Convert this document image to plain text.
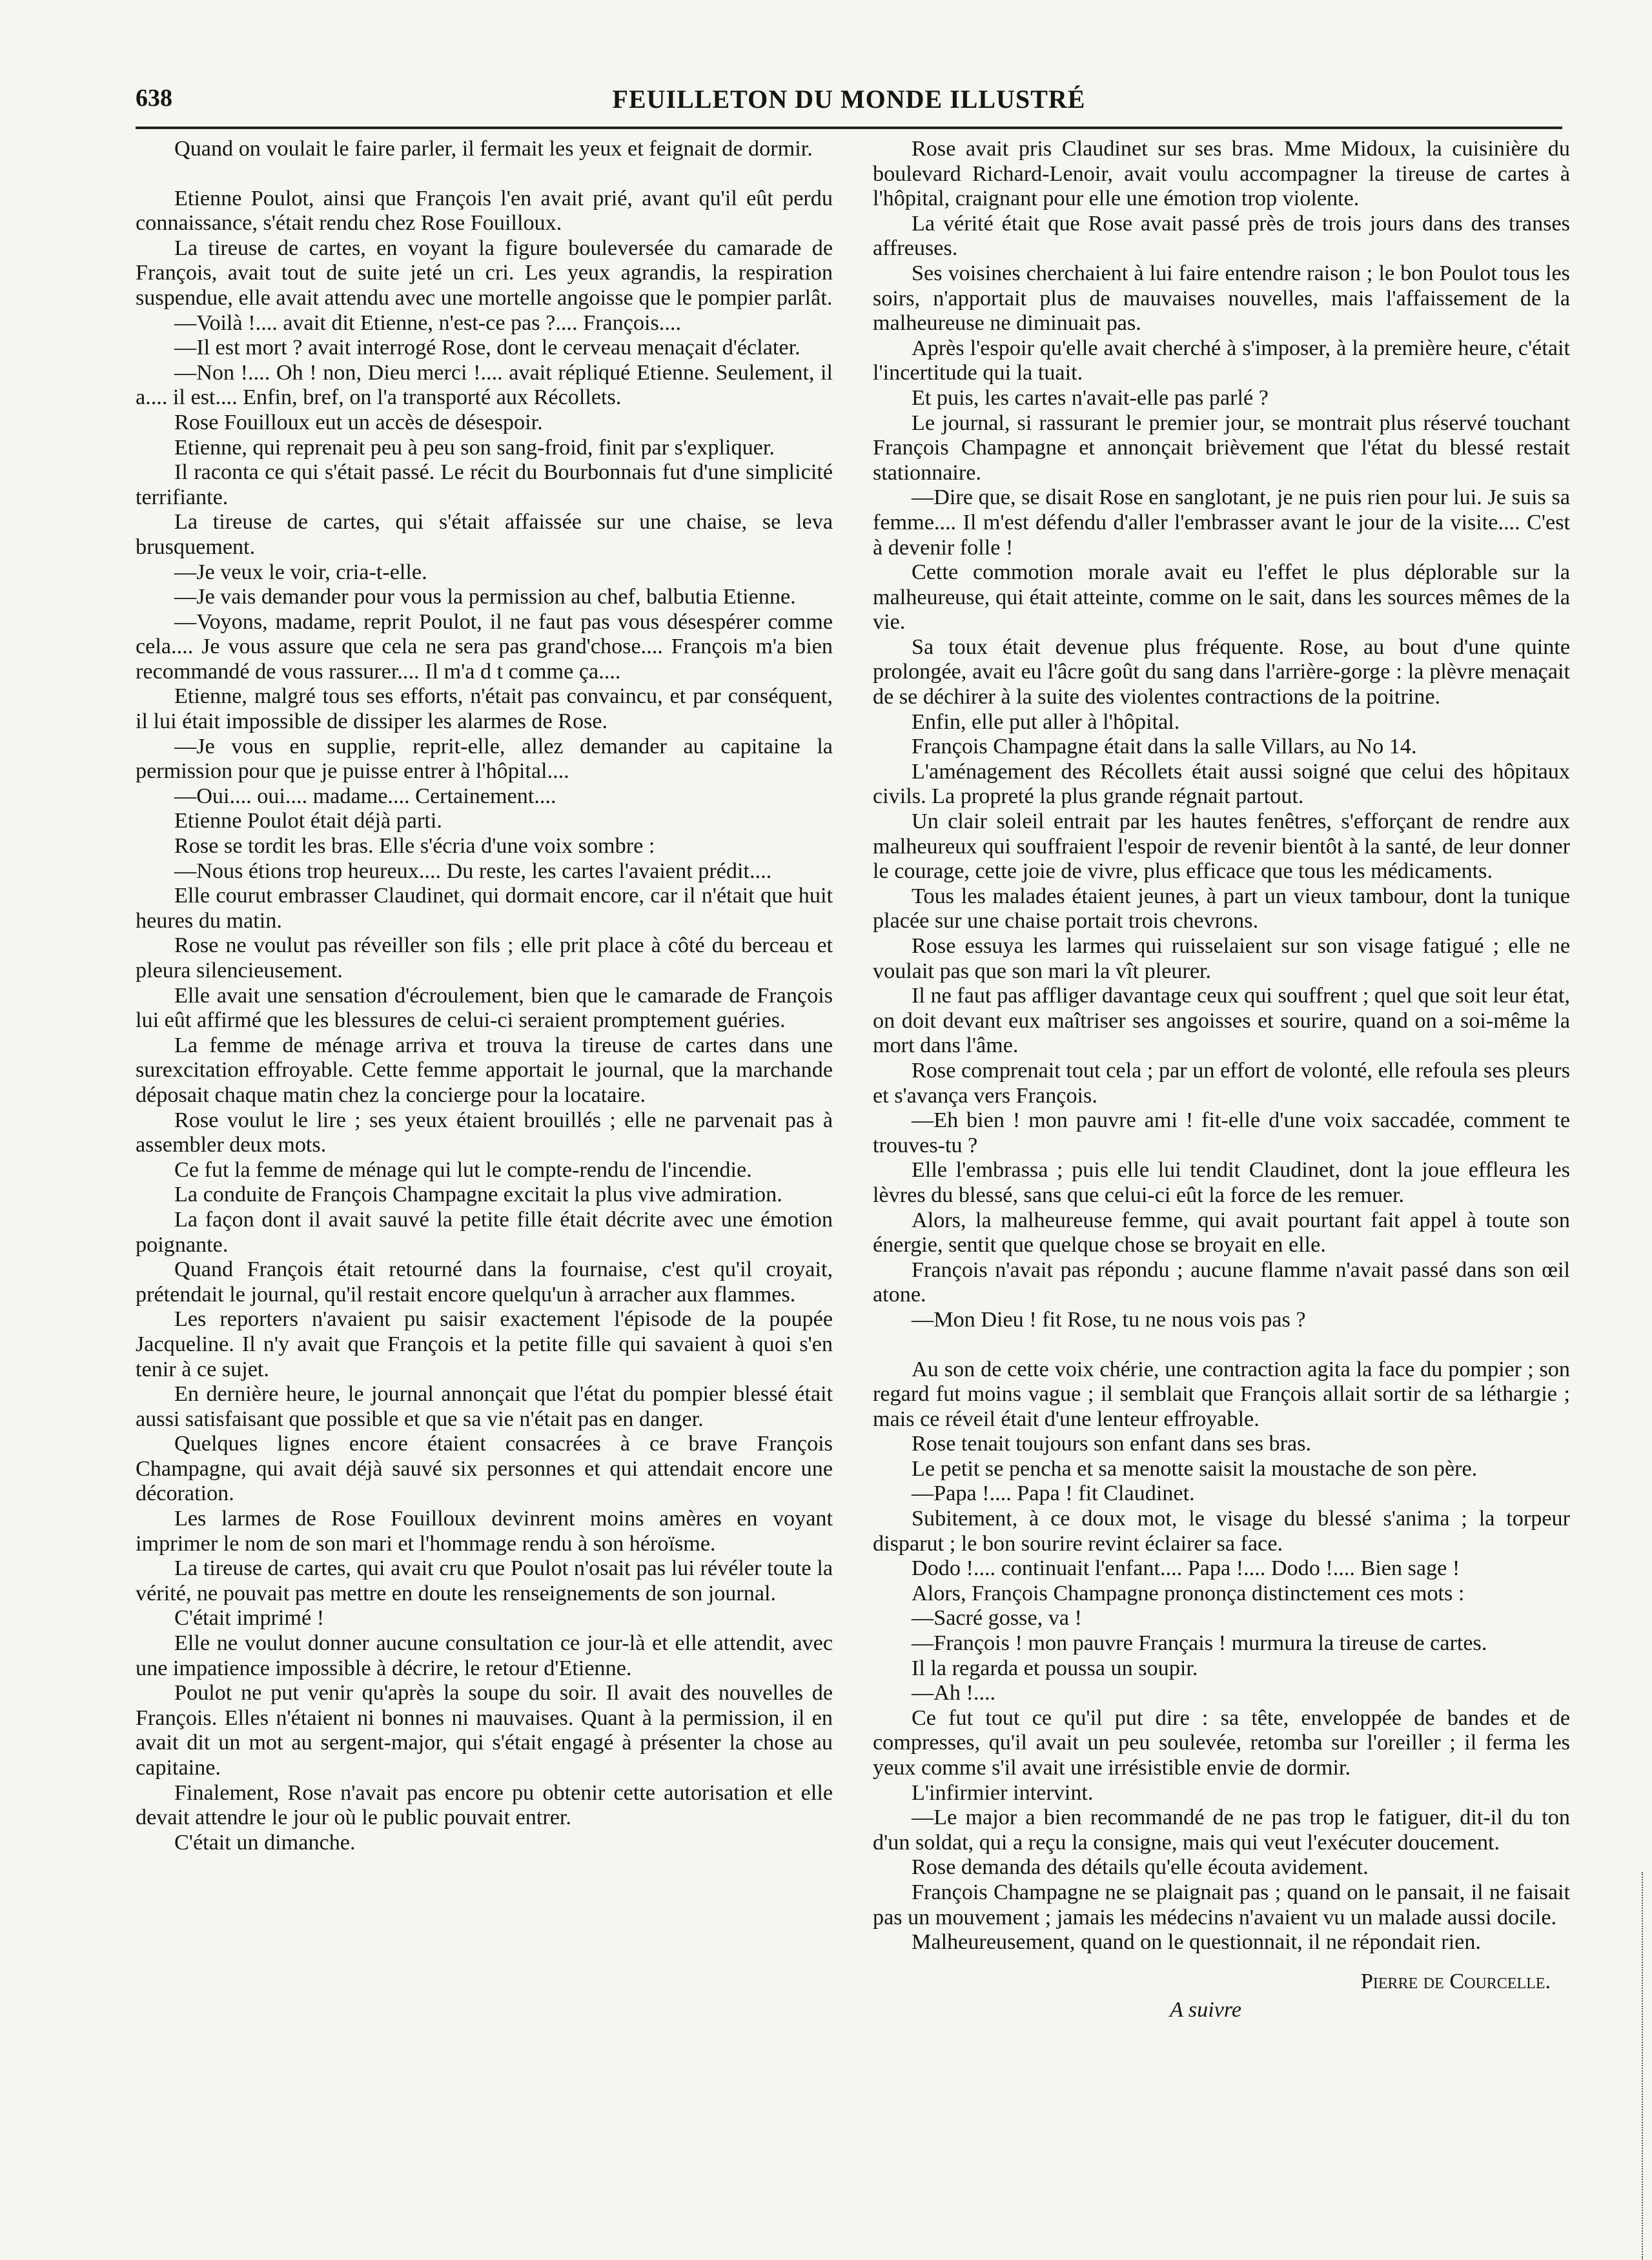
638	FEUILLETON DU MONDE ILLUSTRÉ

Quand on voulait le faire parler, il fermait les yeux et feignait de dormir.

Etienne Poulot, ainsi que François l'en avait prié, avant qu'il eût perdu connaissance, s'était rendu chez Rose Fouilloux.

La tireuse de cartes, en voyant la figure bouleversée du camarade de François, avait tout de suite jeté un cri. Les yeux agrandis, la respiration suspendue, elle avait attendu avec une mortelle angoisse que le pompier parlât.

—Voilà !.... avait dit Etienne, n'est-ce pas ?.... François....

—Il est mort ? avait interrogé Rose, dont le cerveau menaçait d'éclater.

—Non !.... Oh ! non, Dieu merci !.... avait répliqué Etienne. Seulement, il a.... il est.... Enfin, bref, on l'a transporté aux Récollets.

Rose Fouilloux eut un accès de désespoir.

Etienne, qui reprenait peu à peu son sang-froid, finit par s'expliquer.

Il raconta ce qui s'était passé. Le récit du Bourbonnais fut d'une simplicité terrifiante.

La tireuse de cartes, qui s'était affaissée sur une chaise, se leva brusquement.

—Je veux le voir, cria-t-elle.

—Je vais demander pour vous la permission au chef, balbutia Etienne.

—Voyons, madame, reprit Poulot, il ne faut pas vous désespérer comme cela.... Je vous assure que cela ne sera pas grand'chose.... François m'a bien recommandé de vous rassurer.... Il m'a d t comme ça....

Etienne, malgré tous ses efforts, n'était pas convaincu, et par conséquent, il lui était impossible de dissiper les alarmes de Rose.

—Je vous en supplie, reprit-elle, allez demander au capitaine la permission pour que je puisse entrer à l'hôpital....

—Oui.... oui.... madame.... Certainement....

Etienne Poulot était déjà parti.

Rose se tordit les bras. Elle s'écria d'une voix sombre :

—Nous étions trop heureux.... Du reste, les cartes l'avaient prédit....

Elle courut embrasser Claudinet, qui dormait encore, car il n'était que huit heures du matin.

Rose ne voulut pas réveiller son fils ; elle prit place à côté du berceau et pleura silencieusement.

Elle avait une sensation d'écroulement, bien que le camarade de François lui eût affirmé que les blessures de celui-ci seraient promptement guéries.

La femme de ménage arriva et trouva la tireuse de cartes dans une surexcitation effroyable. Cette femme apportait le journal, que la marchande déposait chaque matin chez la concierge pour la locataire.

Rose voulut le lire ; ses yeux étaient brouillés ; elle ne parvenait pas à assembler deux mots.

Ce fut la femme de ménage qui lut le compte-rendu de l'incendie.

La conduite de François Champagne excitait la plus vive admiration.

La façon dont il avait sauvé la petite fille était décrite avec une émotion poignante.

Quand François était retourné dans la fournaise, c'est qu'il croyait, prétendait le journal, qu'il restait encore quelqu'un à arracher aux flammes.

Les reporters n'avaient pu saisir exactement l'épisode de la poupée Jacqueline. Il n'y avait que François et la petite fille qui savaient à quoi s'en tenir à ce sujet.

En dernière heure, le journal annonçait que l'état du pompier blessé était aussi satisfaisant que possible et que sa vie n'était pas en danger.

Quelques lignes encore étaient consacrées à ce brave François Champagne, qui avait déjà sauvé six personnes et qui attendait encore une décoration.

Les larmes de Rose Fouilloux devinrent moins amères en voyant imprimer le nom de son mari et l'hommage rendu à son héroïsme.

La tireuse de cartes, qui avait cru que Poulot n'osait pas lui révéler toute la vérité, ne pouvait pas mettre en doute les renseignements de son journal.

C'était imprimé !

Elle ne voulut donner aucune consultation ce jour-là et elle attendit, avec une impatience impossible à décrire, le retour d'Etienne.

Poulot ne put venir qu'après la soupe du soir. Il avait des nouvelles de François. Elles n'étaient ni bonnes ni mauvaises. Quant à la permission, il en avait dit un mot au sergent-major, qui s'était engagé à présenter la chose au capitaine.

Finalement, Rose n'avait pas encore pu obtenir cette autorisation et elle devait attendre le jour où le public pouvait entrer.

C'était un dimanche.

Rose avait pris Claudinet sur ses bras. Mme Midoux, la cuisinière du boulevard Richard-Lenoir, avait voulu accompagner la tireuse de cartes à l'hôpital, craignant pour elle une émotion trop violente.

La vérité était que Rose avait passé près de trois jours dans des transes affreuses.

Ses voisines cherchaient à lui faire entendre raison ; le bon Poulot tous les soirs, n'apportait plus de mauvaises nouvelles, mais l'affaissement de la malheureuse ne diminuait pas.

Après l'espoir qu'elle avait cherché à s'imposer, à la première heure, c'était l'incertitude qui la tuait.

Et puis, les cartes n'avait-elle pas parlé ?

Le journal, si rassurant le premier jour, se montrait plus réservé touchant François Champagne et annonçait brièvement que l'état du blessé restait stationnaire.

—Dire que, se disait Rose en sanglotant, je ne puis rien pour lui. Je suis sa femme.... Il m'est défendu d'aller l'embrasser avant le jour de la visite.... C'est à devenir folle !

Cette commotion morale avait eu l'effet le plus déplorable sur la malheureuse, qui était atteinte, comme on le sait, dans les sources mêmes de la vie.

Sa toux était devenue plus fréquente. Rose, au bout d'une quinte prolongée, avait eu l'âcre goût du sang dans l'arrière-gorge : la plèvre menaçait de se déchirer à la suite des violentes contractions de la poitrine.

Enfin, elle put aller à l'hôpital.

François Champagne était dans la salle Villars, au No 14.

L'aménagement des Récollets était aussi soigné que celui des hôpitaux civils. La propreté la plus grande régnait partout.

Un clair soleil entrait par les hautes fenêtres, s'efforçant de rendre aux malheureux qui souffraient l'espoir de revenir bientôt à la santé, de leur donner le courage, cette joie de vivre, plus efficace que tous les médicaments.

Tous les malades étaient jeunes, à part un vieux tambour, dont la tunique placée sur une chaise portait trois chevrons.

Rose essuya les larmes qui ruisselaient sur son visage fatigué ; elle ne voulait pas que son mari la vît pleurer.

Il ne faut pas affliger davantage ceux qui souffrent ; quel que soit leur état, on doit devant eux maîtriser ses angoisses et sourire, quand on a soi-même la mort dans l'âme.

Rose comprenait tout cela ; par un effort de volonté, elle refoula ses pleurs et s'avança vers François.

—Eh bien ! mon pauvre ami ! fit-elle d'une voix saccadée, comment te trouves-tu ?

Elle l'embrassa ; puis elle lui tendit Claudinet, dont la joue effleura les lèvres du blessé, sans que celui-ci eût la force de les remuer.

Alors, la malheureuse femme, qui avait pourtant fait appel à toute son énergie, sentit que quelque chose se broyait en elle.

François n'avait pas répondu ; aucune flamme n'avait passé dans son œil atone.

—Mon Dieu ! fit Rose, tu ne nous vois pas ?

Au son de cette voix chérie, une contraction agita la face du pompier ; son regard fut moins vague ; il semblait que François allait sortir de sa léthargie ; mais ce réveil était d'une lenteur effroyable.

Rose tenait toujours son enfant dans ses bras.

Le petit se pencha et sa menotte saisit la moustache de son père.

—Papa !.... Papa ! fit Claudinet.

Subitement, à ce doux mot, le visage du blessé s'anima ; la torpeur disparut ; le bon sourire revint éclairer sa face.

Dodo !.... continuait l'enfant.... Papa !.... Dodo !.... Bien sage !

Alors, François Champagne prononça distinctement ces mots :

—Sacré gosse, va !

—François ! mon pauvre Français ! murmura la tireuse de cartes.

Il la regarda et poussa un soupir.

—Ah !....

Ce fut tout ce qu'il put dire : sa tête, enveloppée de bandes et de compresses, qu'il avait un peu soulevée, retomba sur l'oreiller ; il ferma les yeux comme s'il avait une irrésistible envie de dormir.

L'infirmier intervint.

—Le major a bien recommandé de ne pas trop le fatiguer, dit-il du ton d'un soldat, qui a reçu la consigne, mais qui veut l'exécuter doucement.

Rose demanda des détails qu'elle écouta avidement.

François Champagne ne se plaignait pas ; quand on le pansait, il ne faisait pas un mouvement ; jamais les médecins n'avaient vu un malade aussi docile.

Malheureusement, quand on le questionnait, il ne répondait rien.

Pierre de Courcelle.

A suivre
